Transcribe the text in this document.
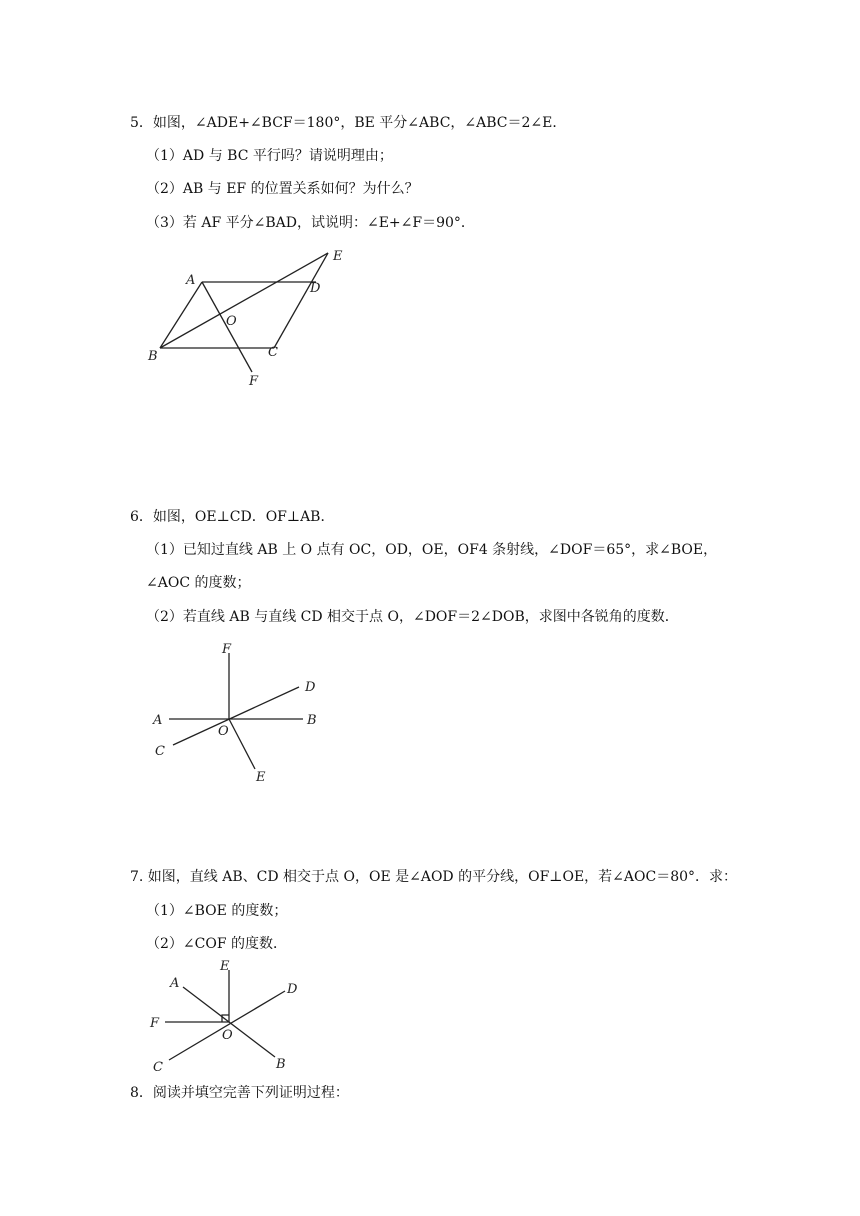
5．如图，∠ADE+∠BCF＝180°，BE 平分∠ABC，∠ABC＝2∠E．
（1）AD 与 BC 平行吗？请说明理由；
（2）AB 与 EF 的位置关系如何？为什么？
（3）若 AF 平分∠BAD，试说明：∠E+∠F＝90°．
A
B	C
D
E
F
O
6．如图，OE⊥CD．OF⊥AB．
（1）已知过直线 AB 上 O 点有 OC，OD，OE，OF4 条射线，∠DOF＝65°，求∠BOE，
∠AOC 的度数；
（2）若直线 AB 与直线 CD 相交于点 O，∠DOF＝2∠DOB，求图中各锐角的度数．
A	B
C
D
E
F
O
7. 如图，直线 AB、CD 相交于点 O，OE 是∠AOD 的平分线，OF⊥OE，若∠AOC＝80°．求：
（1）∠BOE 的度数；
（2）∠COF 的度数．
A
B
C
D
E
F
O
8．阅读并填空完善下列证明过程：
